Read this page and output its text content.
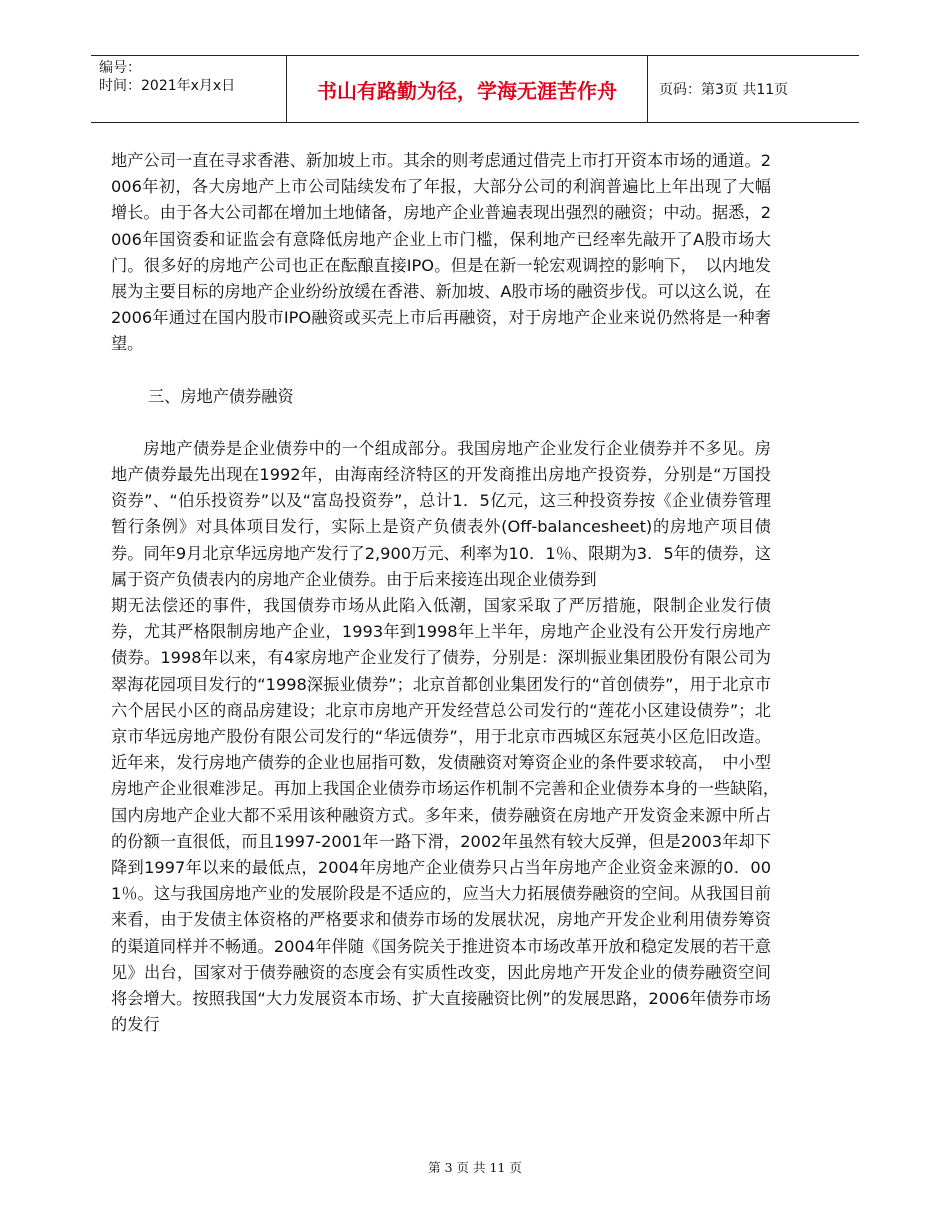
编号：
时间：2021年x月x日	书山有路勤为径，学海无涯苦作舟	页码：第3页 共11页

地产公司一直在寻求香港、新加坡上市。其余的则考虑通过借壳上市打开资本市场的通道。2006年初，各大房地产上市公司陆续发布了年报，大部分公司的利润普遍比上年出现了大幅增长。由于各大公司都在增加土地储备，房地产企业普遍表现出强烈的融资；中动。据悉，2006年国资委和证监会有意降低房地产企业上市门槛，保利地产已经率先敲开了A股市场大门。很多好的房地产公司也正在酝酿直接IPO。但是在新一轮宏观调控的影响下，　以内地发展为主要目标的房地产企业纷纷放缓在香港、新加坡、A股市场的融资步伐。可以这么说，在2006年通过在国内股市IPO融资或买壳上市后再融资，对于房地产企业来说仍然将是一种奢望。

三、房地产债券融资

房地产债券是企业债券中的一个组成部分。我国房地产企业发行企业债券并不多见。房地产债券最先出现在1992年，由海南经济特区的开发商推出房地产投资券，分别是“万国投资券”、“伯乐投资券”以及“富岛投资券”，总计1．5亿元，这三种投资券按《企业债券管理暂行条例》对具体项目发行，实际上是资产负债表外(Off-balancesheet)的房地产项目债券。同年9月北京华远房地产发行了2,900万元、利率为10．1％、限期为3．5年的债券，这属于资产负债表内的房地产企业债券。由于后来接连出现企业债券到

期无法偿还的事件，我国债券市场从此陷入低潮，国家采取了严厉措施，限制企业发行债券，尤其严格限制房地产企业，1993年到1998年上半年，房地产企业没有公开发行房地产债券。1998年以来，有4家房地产企业发行了债券，分别是：深圳振业集团股份有限公司为翠海花园项目发行的“1998深振业债券”；北京首都创业集团发行的“首创债券”，用于北京市六个居民小区的商品房建设；北京市房地产开发经营总公司发行的“莲花小区建设债券”；北京市华远房地产股份有限公司发行的“华远债券”，用于北京市西城区东冠英小区危旧改造。近年来，发行房地产债券的企业也屈指可数，发债融资对筹资企业的条件要求较高，　中小型房地产企业很难涉足。再加上我国企业债券市场运作机制不完善和企业债券本身的一些缺陷，　国内房地产企业大都不采用该种融资方式。多年来，债券融资在房地产开发资金来源中所占的份额一直很低，而且1997-2001年一路下滑，2002年虽然有较大反弹，但是2003年却下降到1997年以来的最低点，2004年房地产企业债券只占当年房地产企业资金来源的0．001％。这与我国房地产业的发展阶段是不适应的，应当大力拓展债券融资的空间。从我国目前来看，由于发债主体资格的严格要求和债券市场的发展状况，房地产开发企业利用债券筹资的渠道同样并不畅通。2004年伴随《国务院关于推进资本市场改革开放和稳定发展的若干意见》出台，国家对于债券融资的态度会有实质性改变，因此房地产开发企业的债券融资空间将会增大。按照我国“大力发展资本市场、扩大直接融资比例”的发展思路，2006年债券市场的发行

第 3 页 共 11 页
